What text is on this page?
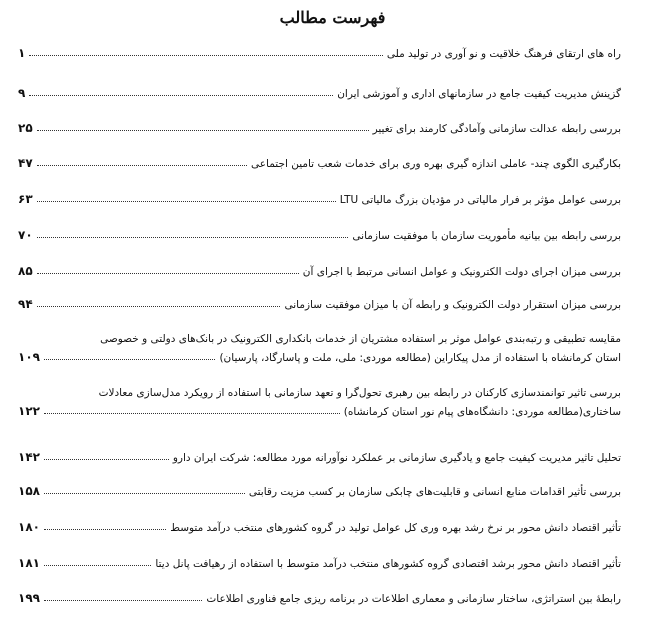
فهرست مطالب
راه های ارتقای فرهنگ خلاقیت و نو آوری در تولید ملی
۱
گزینش مدیریت کیفیت جامع در سازمانهای اداری و آموزشی ایران
۹
بررسی رابطه عدالت سازمانی وآمادگی کارمند برای تغییر
۲۵
بکارگیری الگوی چند- عاملی اندازه گیری بهره وری برای خدمات شعب تامین اجتماعی
۴۷
بررسی عوامل مؤثر بر فرار مالیاتی در مؤدیان بزرگ مالیاتی LTU
۶۳
بررسی رابطه بین بیانیه مأموریت سازمان با موفقیت سازمانی
۷۰
بررسی میزان اجرای دولت الکترونیک و عوامل انسانی مرتبط با اجرای آن
۸۵
بررسی میزان استقرار دولت الکترونیک و رابطه آن با میزان موفقیت سازمانی
۹۴
مقایسه تطبیقی و رتبه‌بندی عوامل موثر بر استفاده مشتریان از خدمات بانکداری الکترونیک در بانک‌های دولتی و خصوصی
استان کرمانشاه با استفاده از مدل پیکاراین (مطالعه موردی: ملی، ملت و پاسارگاد، پارسیان)
۱۰۹
بررسی تاثیر توانمندسازی کارکنان در رابطه بین رهبری تحول‌گرا و تعهد سازمانی با استفاده از رویکرد مدل‌سازی معادلات
ساختاری(مطالعه موردی: دانشگاه‌های پیام نور استان کرمانشاه)
۱۲۲
تحلیل تاثیر مدیریت کیفیت جامع و یادگیری سازمانی بر عملکرد نوآورانه مورد مطالعه: شرکت ایران دارو
۱۴۲
بررسی تأثیر اقدامات منابع انسانی و قابلیت‌های چابکی سازمان بر کسب مزیت رقابتی
۱۵۸
تأثیر اقتصاد دانش محور بر نرخ رشد بهره وری کل عوامل تولید در گروه کشورهای منتخب درآمد متوسط
۱۸۰
تأثیر اقتصاد دانش محور برشد اقتصادی گروه کشورهای منتخب درآمد متوسط با استفاده از رهیافت پانل دیتا
۱۸۱
رابطهٔ بین استراتژی، ساختار سازمانی و معماری اطلاعات در برنامه ریزی جامع فناوری اطلاعات
۱۹۹
